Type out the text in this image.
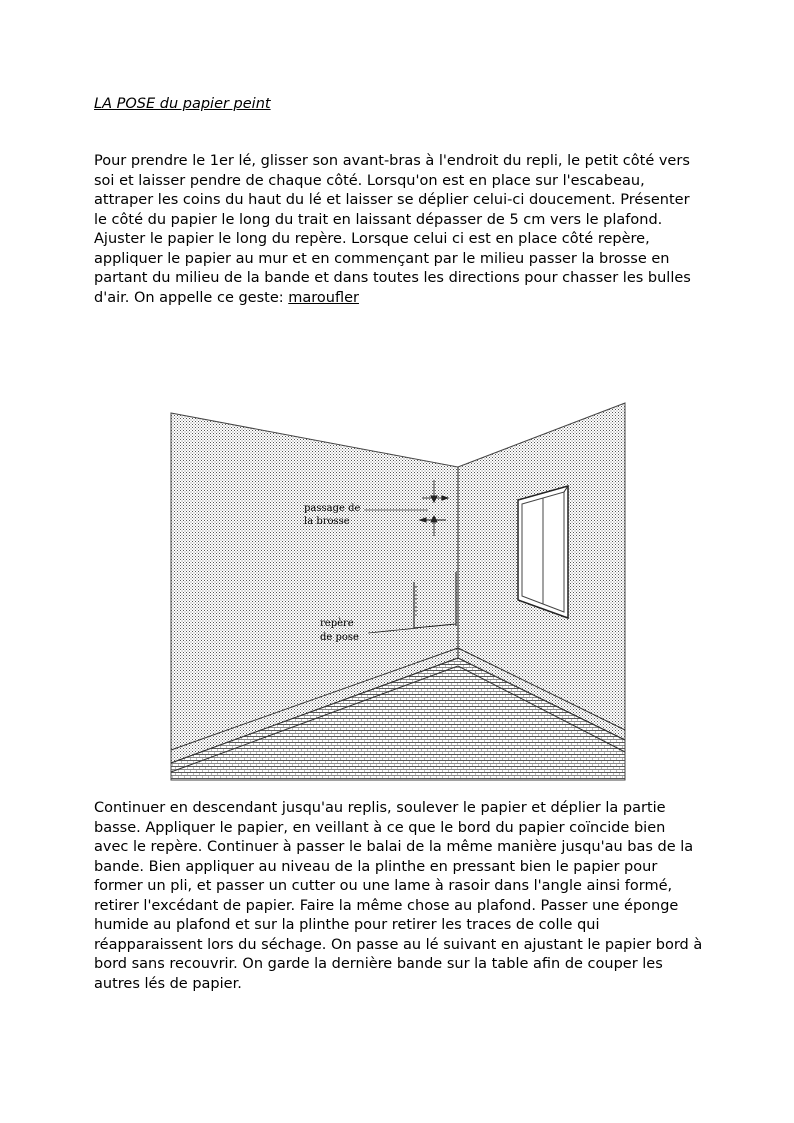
LA POSE du papier peint

Pour prendre le 1er lé, glisser son avant-bras à l'endroit du repli, le petit côté vers soi et laisser pendre de chaque côté. Lorsqu'on est en place sur l'escabeau, attraper les coins du haut du lé et laisser se déplier celui-ci doucement. Présenter le côté du papier le long du trait en laissant dépasser de 5 cm vers le plafond. Ajuster le papier le long du repère. Lorsque celui ci est en place côté repère, appliquer le papier au mur et en commençant par le milieu passer la brosse en partant du milieu de la bande et dans toutes les directions pour chasser les bulles d'air. On appelle ce geste: maroufler

passage de
la brosse
repère
de pose

Continuer en descendant jusqu'au replis, soulever le papier et déplier la partie basse. Appliquer le papier, en veillant à ce que le bord du papier coïncide bien avec le repère. Continuer à passer le balai de la même manière jusqu'au bas de la bande. Bien appliquer au niveau de la plinthe en pressant bien le papier pour former un pli, et passer un cutter ou une lame à rasoir dans l'angle ainsi formé, retirer l'excédant de papier. Faire la même chose au plafond. Passer une éponge humide au plafond et sur la plinthe pour retirer les traces de colle qui réapparaissent lors du séchage. On passe au lé suivant en ajustant le papier bord à bord sans recouvrir. On garde la dernière bande sur la table afin de couper les autres lés de papier.
